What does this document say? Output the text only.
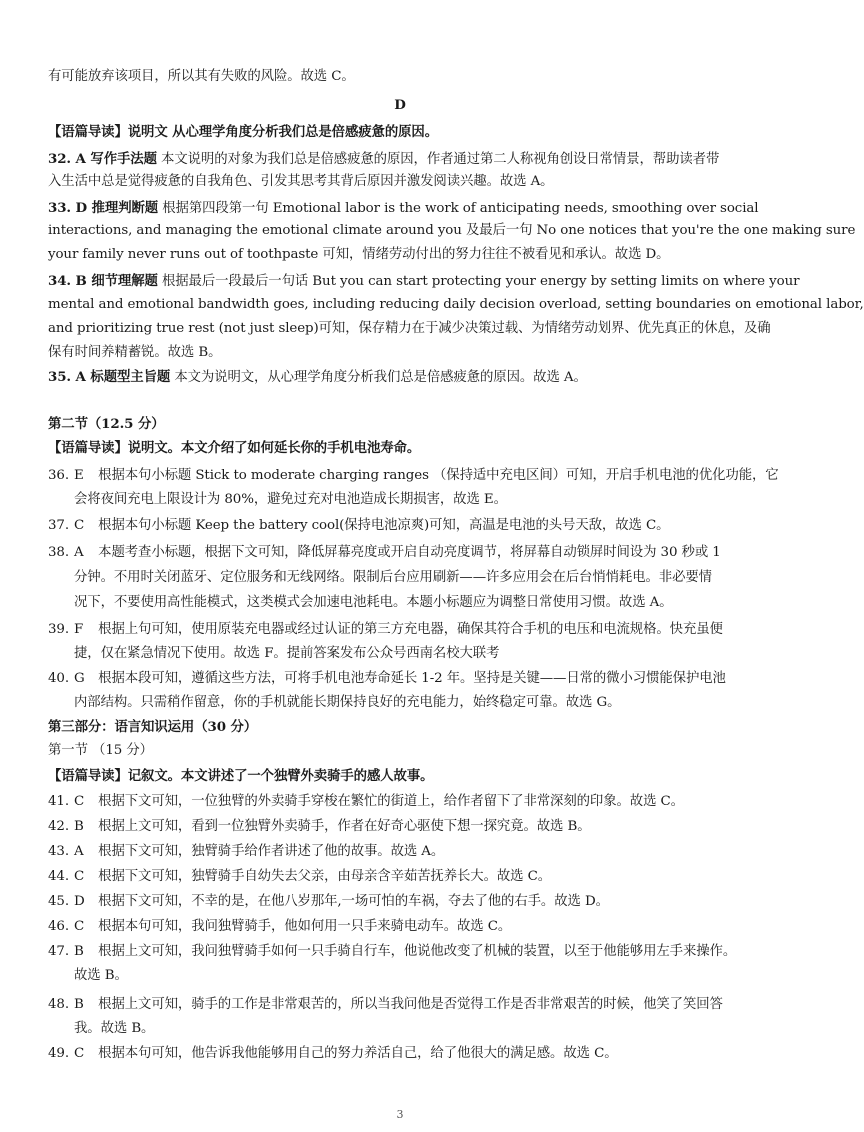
有可能放弃该项目，所以其有失败的风险。故选 C。
D
【语篇导读】说明文 从心理学角度分析我们总是倍感疲惫的原因。
32. A 写作手法题 本文说明的对象为我们总是倍感疲惫的原因，作者通过第二人称视角创设日常情景，帮助读者带
入生活中总是觉得疲惫的自我角色、引发其思考其背后原因并激发阅读兴趣。故选 A。
33. D 推理判断题 根据第四段第一句 Emotional labor is the work of anticipating needs, smoothing over social
interactions, and managing the emotional climate around you 及最后一句 No one notices that you're the one making sure
your family never runs out of toothpaste 可知，情绪劳动付出的努力往往不被看见和承认。故选 D。
34. B 细节理解题 根据最后一段最后一句话 But you can start protecting your energy by setting limits on where your
mental and emotional bandwidth goes, including reducing daily decision overload, setting boundaries on emotional labor,
and prioritizing true rest (not just sleep)可知，保存精力在于减少决策过载、为情绪劳动划界、优先真正的休息，及确
保有时间养精蓄锐。故选 B。
35. A 标题型主旨题 本文为说明文，从心理学角度分析我们总是倍感疲惫的原因。故选 A。
第二节（12.5 分）
【语篇导读】说明文。本文介绍了如何延长你的手机电池寿命。
36. E 根据本句小标题 Stick to moderate charging ranges （保持适中充电区间）可知，开启手机电池的优化功能，它
会将夜间充电上限设计为 80%，避免过充对电池造成长期损害，故选 E。
37. C 根据本句小标题 Keep the battery cool(保持电池凉爽)可知，高温是电池的头号天敌，故选 C。
38. A 本题考查小标题，根据下文可知，降低屏幕亮度或开启自动亮度调节，将屏幕自动锁屏时间设为 30 秒或 1
分钟。不用时关闭蓝牙、定位服务和无线网络。限制后台应用刷新——许多应用会在后台悄悄耗电。非必要情
况下，不要使用高性能模式，这类模式会加速电池耗电。本题小标题应为调整日常使用习惯。故选 A。
39. F 根据上句可知，使用原装充电器或经过认证的第三方充电器，确保其符合手机的电压和电流规格。快充虽便
捷，仅在紧急情况下使用。故选 F。提前答案发布公众号西南名校大联考
40. G 根据本段可知，遵循这些方法，可将手机电池寿命延长 1-2 年。坚持是关键——日常的微小习惯能保护电池
内部结构。只需稍作留意，你的手机就能长期保持良好的充电能力，始终稳定可靠。故选 G。
第三部分：语言知识运用（30 分）
第一节 （15 分）
【语篇导读】记叙文。本文讲述了一个独臂外卖骑手的感人故事。
41. C 根据下文可知，一位独臂的外卖骑手穿梭在繁忙的街道上，给作者留下了非常深刻的印象。故选 C。
42. B 根据上文可知，看到一位独臂外卖骑手，作者在好奇心驱使下想一探究竟。故选 B。
43. A 根据下文可知，独臂骑手给作者讲述了他的故事。故选 A。
44. C 根据下文可知，独臂骑手自幼失去父亲，由母亲含辛茹苦抚养长大。故选 C。
45. D 根据下文可知，不幸的是，在他八岁那年,一场可怕的车祸，夺去了他的右手。故选 D。
46. C 根据本句可知，我问独臂骑手，他如何用一只手来骑电动车。故选 C。
47. B 根据上文可知，我问独臂骑手如何一只手骑自行车，他说他改变了机械的装置，以至于他能够用左手来操作。
故选 B。
48. B 根据上文可知，骑手的工作是非常艰苦的，所以当我问他是否觉得工作是否非常艰苦的时候，他笑了笑回答
我。故选 B。
49. C 根据本句可知，他告诉我他能够用自己的努力养活自己，给了他很大的满足感。故选 C。
3
